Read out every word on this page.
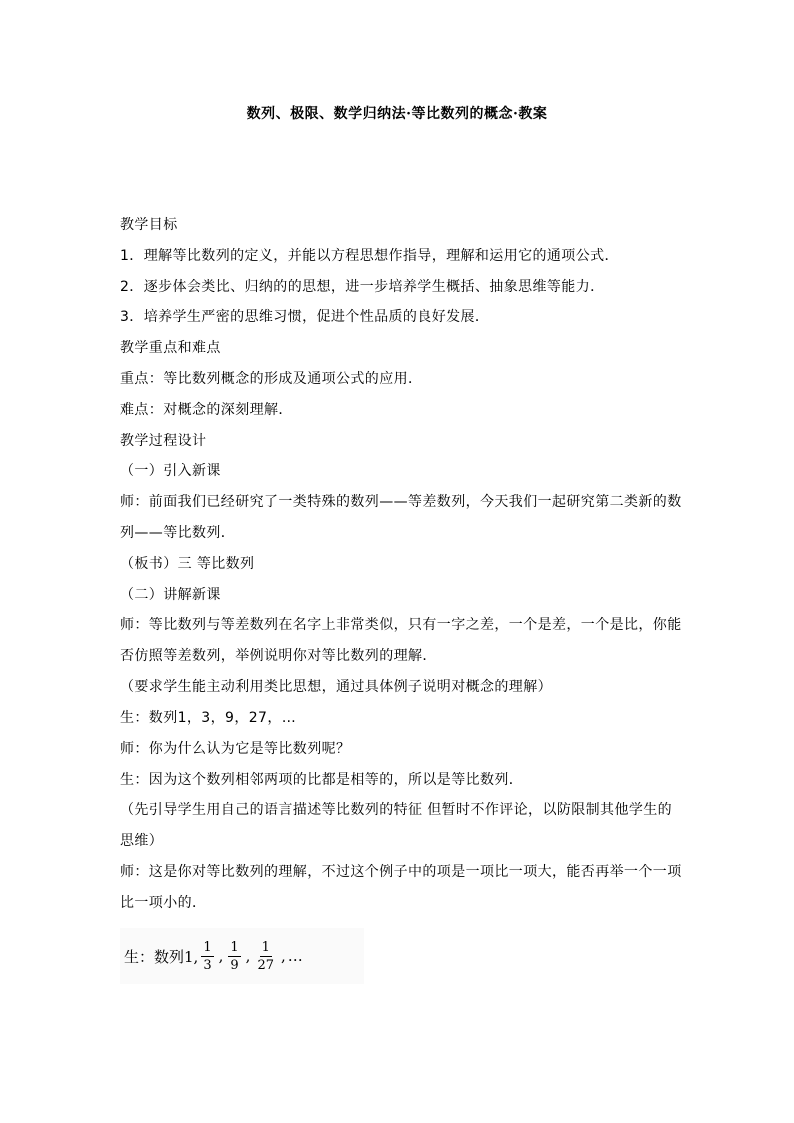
数列、极限、数学归纳法·等比数列的概念·教案
教学目标
1．理解等比数列的定义，并能以方程思想作指导，理解和运用它的通项公式．
2．逐步体会类比、归纳的的思想，进一步培养学生概括、抽象思维等能力．
3．培养学生严密的思维习惯，促进个性品质的良好发展．
教学重点和难点
重点：等比数列概念的形成及通项公式的应用．
难点：对概念的深刻理解．
教学过程设计
（一）引入新课
师：前面我们已经研究了一类特殊的数列——等差数列，今天我们一起研究第二类新的数列——等比数列．
（板书）三 等比数列
（二）讲解新课
师：等比数列与等差数列在名字上非常类似，只有一字之差，一个是差，一个是比，你能否仿照等差数列，举例说明你对等比数列的理解．
（要求学生能主动利用类比思想，通过具体例子说明对概念的理解）
生：数列1，3，9，27，…
师：你为什么认为它是等比数列呢？
生：因为这个数列相邻两项的比都是相等的，所以是等比数列．
（先引导学生用自己的语言描述等比数列的特征 但暂时不作评论，以防限制其他学生的思维）
师：这是你对等比数列的理解，不过这个例子中的项是一项比一项大，能否再举一个一项比一项小的．
生：数列1, $\frac{1}{3}$ , $\frac{1}{9}$ , $\frac{1}{27}$ , …
